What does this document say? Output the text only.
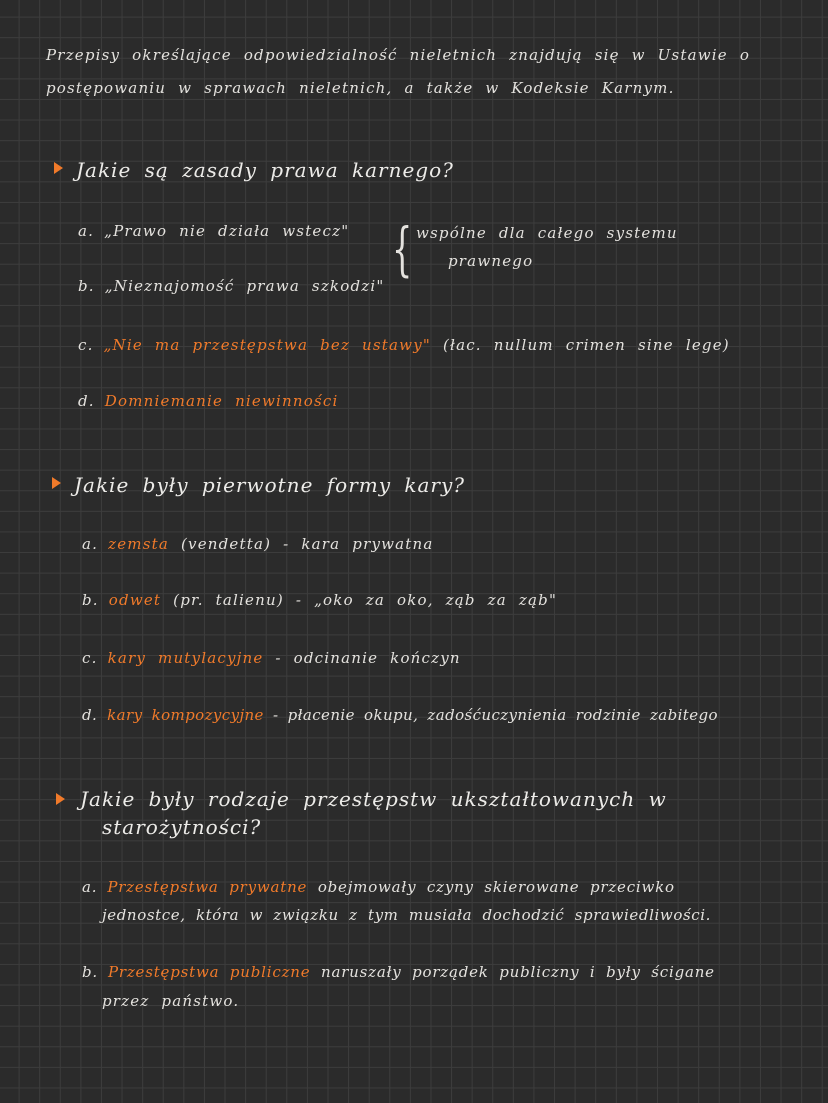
Przepisy określające odpowiedzialność nieletnich znajdują się w Ustawie o
postępowaniu w sprawach nieletnich, a także w Kodeksie Karnym.
Jakie są zasady prawa karnego?
a. „Prawo nie działa wstecz"
b. „Nieznajomość prawa szkodzi"
{ wspólne dla całego systemu
prawnego
c. „Nie ma przestępstwa bez ustawy" (łac. nullum crimen sine lege)
d. Domniemanie niewinności
Jakie były pierwotne formy kary?
a. zemsta (vendetta) - kara prywatna
b. odwet (pr. talienu) - „oko za oko, ząb za ząb"
c. kary mutylacyjne - odcinanie kończyn
d. kary kompozycyjne - płacenie okupu, zadośćuczynienia rodzinie zabitego
Jakie były rodzaje przestępstw ukształtowanych w
starożytności?
a. Przestępstwa prywatne obejmowały czyny skierowane przeciwko
jednostce, która w związku z tym musiała dochodzić sprawiedliwości.
b. Przestępstwa publiczne naruszały porządek publiczny i były ścigane
przez państwo.
